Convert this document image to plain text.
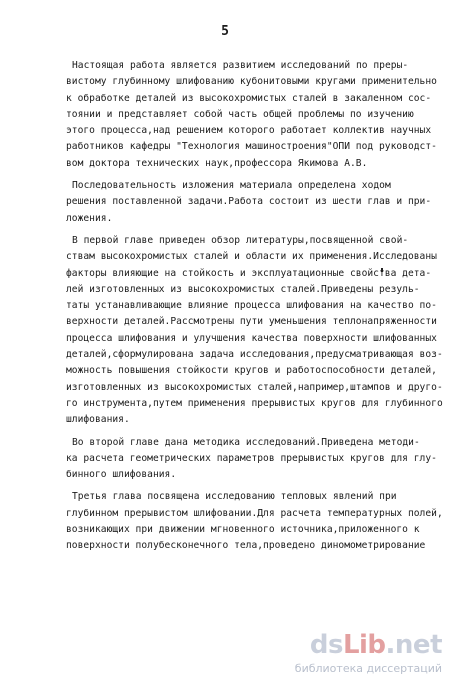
5
Настоящая работа является развитием исследований по преры-
вистому глубинному шлифованию кубонитовыми кругами применительно
к обработке деталей из высокохромистых сталей в закаленном сос-
тоянии и представляет собой часть общей проблемы по изучению
этого процесса,над решением которого работает коллектив научных
работников кафедры "Технология машиностроения"ОПИ под руководст-
вом доктора технических наук,профессора Якимова А.В.
Последовательность изложения материала определена ходом
решения поставленной задачи.Работа состоит из шести глав и при-
ложения.
В первой главе приведен обзор литературы,посвященной свой-
ствам высокохромистых сталей и области их применения.Исследованы
факторы влияющие на стойкость и эксплуатационные свойства дета-
лей изготовленных из высокохромистых сталей.Приведены резуль-
таты устанавливающие влияние процесса шлифования на качество по-
верхности деталей.Рассмотрены пути уменьшения теплонапряженности
процесса шлифования и улучшения качества поверхности шлифованных
деталей,сформулирована задача исследования,предусматривающая воз-
можность повышения стойкости кругов и работоспособности деталей,
изготовленных из высокохромистых сталей,например,штампов и друго-
го инструмента,путем применения прерывистых кругов для глубинного
шлифования.
Во второй главе дана методика исследований.Приведена методи-
ка расчета геометрических параметров прерывистых кругов для глу-
бинного шлифования.
Третья глава посвящена исследованию тепловых явлений при
глубинном прерывистом шлифовании.Для расчета температурных полей,
возникающих при движении мгновенного источника,приложенного к
поверхности полубесконечного тела,проведено диномометрирование
dsLib.net
библиотека диссертаций
